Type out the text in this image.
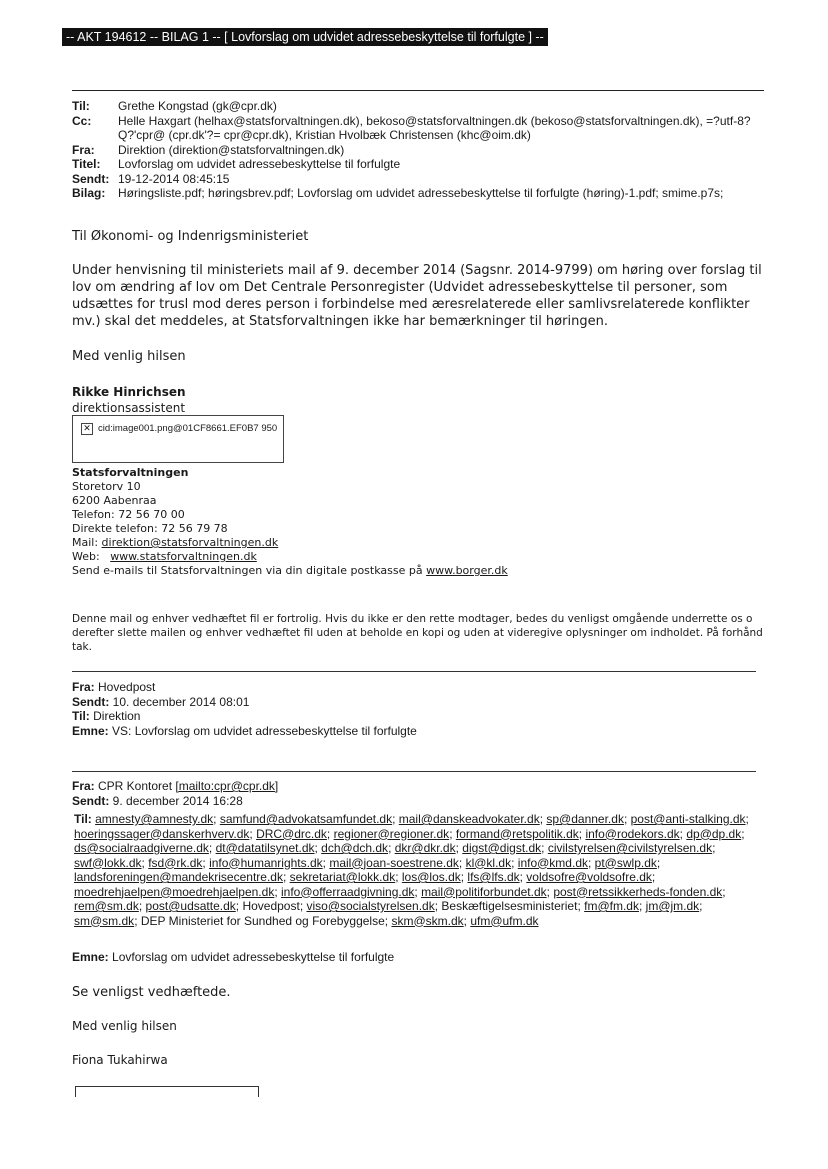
-- AKT 194612 -- BILAG 1 -- [ Lovforslag om udvidet adressebeskyttelse til forfulgte ] --
Til:	Grethe Kongstad (gk@cpr.dk)
Cc:	Helle Haxgart (helhax@statsforvaltningen.dk), bekoso@statsforvaltningen.dk (bekoso@statsforvaltningen.dk), =?utf-8?Q?'cpr@ (cpr.dk'?= cpr@cpr.dk), Kristian Hvolbæk Christensen (khc@oim.dk)
Fra:	Direktion (direktion@statsforvaltningen.dk)
Titel:	Lovforslag om udvidet adressebeskyttelse til forfulgte
Sendt: 19-12-2014 08:45:15
Bilag:	Høringsliste.pdf; høringsbrev.pdf; Lovforslag om udvidet adressebeskyttelse til forfulgte (høring)-1.pdf; smime.p7s;
Til Økonomi- og Indenrigsministeriet
Under henvisning til ministeriets mail af 9. december 2014 (Sagsnr. 2014-9799) om høring over forslag til lov om ændring af lov om Det Centrale Personregister (Udvidet adressebeskyttelse til personer, som udsættes for trusl mod deres person i forbindelse med æresrelaterede eller samlivsrelaterede konflikter mv.) skal det meddeles, at Statsforvaltningen ikke har bemærkninger til høringen.
Med venlig hilsen
Rikke Hinrichsen
direktionsassistent
✕ cid:image001.png@01CF8661.EF0B7 950
Statsforvaltningen
Storetorv 10
6200 Aabenraa
Telefon: 72 56 70 00
Direkte telefon: 72 56 79 78
Mail: direktion@statsforvaltningen.dk
Web:   www.statsforvaltningen.dk
Send e-mails til Statsforvaltningen via din digitale postkasse på www.borger.dk
Denne mail og enhver vedhæftet fil er fortrolig. Hvis du ikke er den rette modtager, bedes du venligst omgående underrette os o derefter slette mailen og enhver vedhæftet fil uden at beholde en kopi og uden at videregive oplysninger om indholdet. På forhånd tak.
Fra: Hovedpost
Sendt: 10. december 2014 08:01
Til: Direktion
Emne: VS: Lovforslag om udvidet adressebeskyttelse til forfulgte
Fra: CPR Kontoret [mailto:cpr@cpr.dk]
Sendt: 9. december 2014 16:28
Til: amnesty@amnesty.dk; samfund@advokatsamfundet.dk; mail@danskeadvokater.dk; sp@danner.dk; post@anti-stalking.dk; hoeringssager@danskerhverv.dk; DRC@drc.dk; regioner@regioner.dk; formand@retspolitik.dk; info@rodekors.dk; dp@dp.dk; ds@socialraadgiverne.dk; dt@datatilsynet.dk; dch@dch.dk; dkr@dkr.dk; digst@digst.dk; civilstyrelsen@civilstyrelsen.dk; swf@lokk.dk; fsd@rk.dk; info@humanrights.dk; mail@joan-soestrene.dk; kl@kl.dk; info@kmd.dk; pt@swlp.dk; landsforeningen@mandekrisecentre.dk; sekretariat@lokk.dk; los@los.dk; lfs@lfs.dk; voldsofre@voldsofre.dk; moedrehjaelpen@moedrehjaelpen.dk; info@offerraadgivning.dk; mail@politiforbundet.dk; post@retssikkerheds-fonden.dk; rem@sm.dk; post@udsatte.dk; Hovedpost; viso@socialstyrelsen.dk; Beskæftigelsesministeriet; fm@fm.dk; jm@jm.dk; sm@sm.dk; DEP Ministeriet for Sundhed og Forebyggelse; skm@skm.dk; ufm@ufm.dk
Emne: Lovforslag om udvidet adressebeskyttelse til forfulgte
Se venligst vedhæftede.
Med venlig hilsen
Fiona Tukahirwa
